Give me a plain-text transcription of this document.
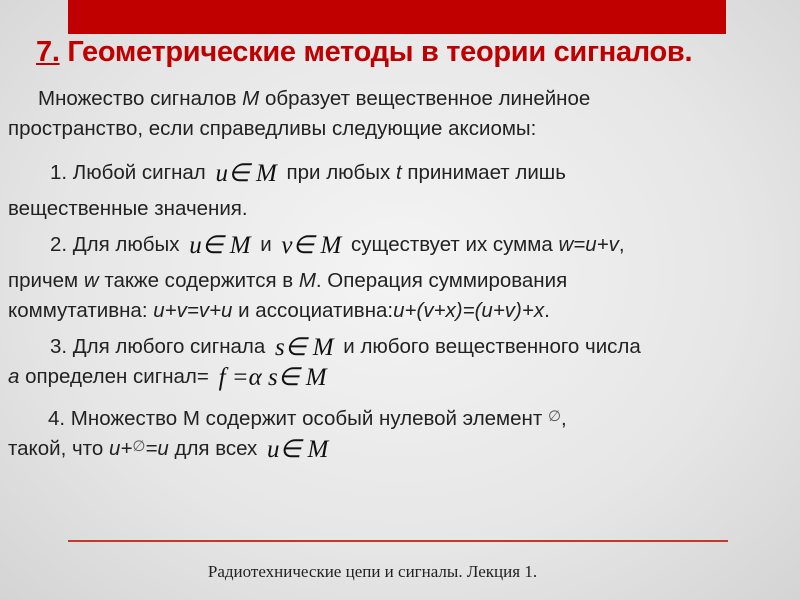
7. Геометрические методы в теории сигналов.
Множество сигналов M образует вещественное линейное
пространство, если справедливы следующие аксиомы:
1. Любой сигнал u∈ M при любых t принимает лишь
вещественные значения.
2. Для любых u∈ M и v∈ M существует их сумма w=u+v,
причем w также содержится в M. Операция суммирования
коммутативна: u+v=v+u и ассоциативна:u+(v+x)=(u+v)+x.
3. Для любого сигнала s∈ M и любого вещественного числа
a определен сигнал= f =α s∈ M
4. Множество М содержит особый нулевой элемент ∅,
такой, что u+∅=u для всех u∈ M
Радиотехнические цепи и сигналы. Лекция 1.
